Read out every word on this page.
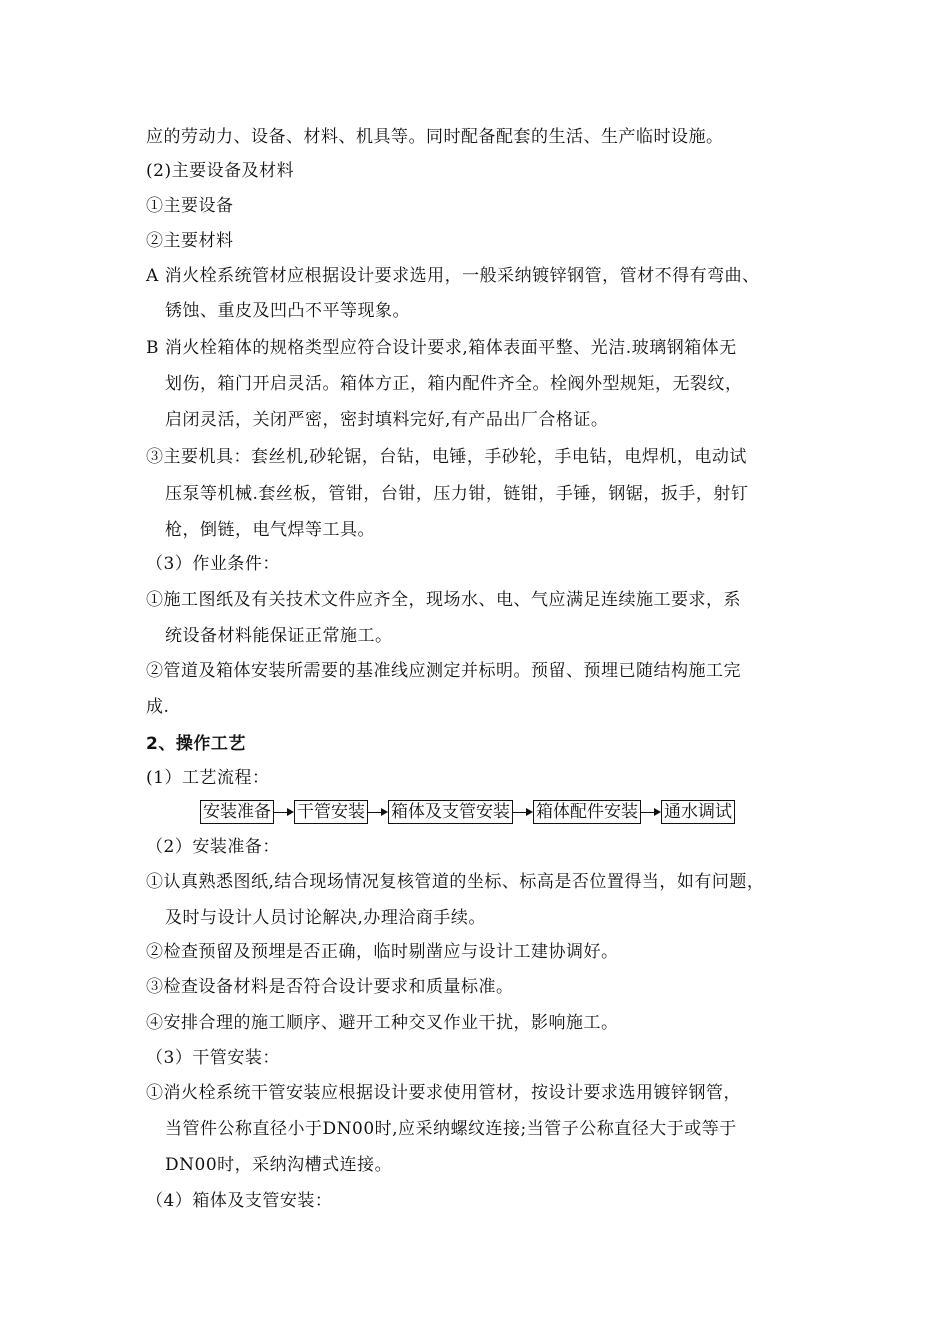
应的劳动力、设备、材料、机具等。同时配备配套的生活、生产临时设施。
(2)主要设备及材料
①主要设备
②主要材料
A 消火栓系统管材应根据设计要求选用，一般采纳镀锌钢管，管材不得有弯曲、
锈蚀、重皮及凹凸不平等现象。
B 消火栓箱体的规格类型应符合设计要求,箱体表面平整、光洁.玻璃钢箱体无
划伤，箱门开启灵活。箱体方正，箱内配件齐全。栓阀外型规矩，无裂纹，
启闭灵活，关闭严密，密封填料完好,有产品出厂合格证。
③主要机具：套丝机,砂轮锯，台钻，电锤，手砂轮，手电钻，电焊机，电动试
压泵等机械.套丝板，管钳，台钳，压力钳，链钳，手锤，钢锯，扳手，射钉
枪，倒链，电气焊等工具。
（3）作业条件：
①施工图纸及有关技术文件应齐全，现场水、电、气应满足连续施工要求，系
统设备材料能保证正常施工。
②管道及箱体安装所需要的基准线应测定并标明。预留、预埋已随结构施工完
成.
2、操作工艺
(1）工艺流程：
安装准备 干管安装 箱体及支管安装 箱体配件安装 通水调试
（2）安装准备：
①认真熟悉图纸,结合现场情况复核管道的坐标、标高是否位置得当，如有问题，
及时与设计人员讨论解决,办理洽商手续。
②检查预留及预埋是否正确，临时剔凿应与设计工建协调好。
③检查设备材料是否符合设计要求和质量标准。
④安排合理的施工顺序、避开工种交叉作业干扰，影响施工。
（3）干管安装：
①消火栓系统干管安装应根据设计要求使用管材，按设计要求选用镀锌钢管，
当管件公称直径小于DN00时,应采纳螺纹连接;当管子公称直径大于或等于
DN00时，采纳沟槽式连接。
（4）箱体及支管安装：
